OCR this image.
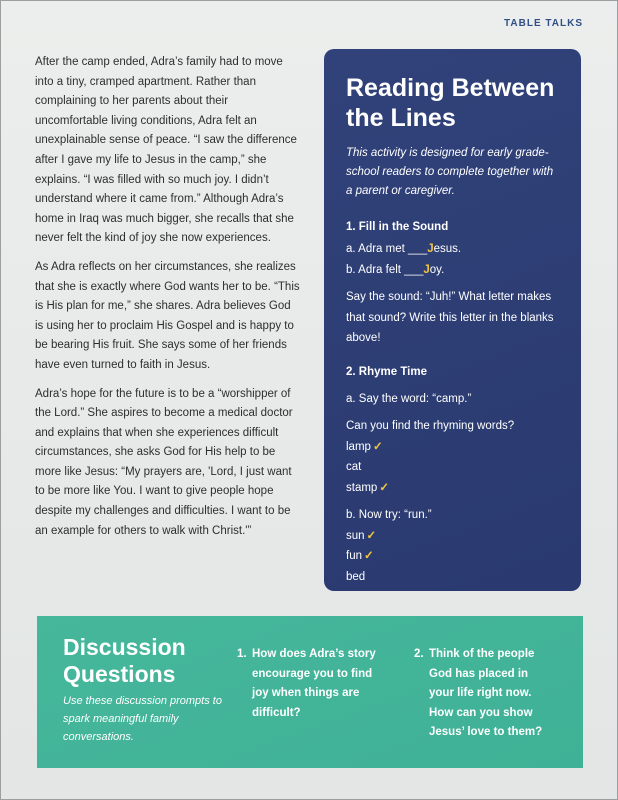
TABLE TALKS

After the camp ended, Adra’s family had to move into a tiny, cramped apartment. Rather than complaining to her parents about their uncomfortable living conditions, Adra felt an unexplainable sense of peace. “I saw the difference after I gave my life to Jesus in the camp,” she explains. “I was filled with so much joy. I didn’t understand where it came from.” Although Adra’s home in Iraq was much bigger, she recalls that she never felt the kind of joy she now experiences.

As Adra reflects on her circumstances, she realizes that she is exactly where God wants her to be. “This is His plan for me,” she shares. Adra believes God is using her to proclaim His Gospel and is happy to be bearing His fruit. She says some of her friends have even turned to faith in Jesus.

Adra’s hope for the future is to be a “worshipper of the Lord.” She aspires to become a medical doctor and explains that when she experiences difficult circumstances, she asks God for His help to be more like Jesus: “My prayers are, 'Lord, I just want to be more like You. I want to give people hope despite my challenges and difficulties. I want to be an example for others to walk with Christ.'”

Reading Between the Lines
This activity is designed for early grade-school readers to complete together with a parent or caregiver.
1. Fill in the Sound
a. Adra met ___Jesus.
b. Adra felt ___Joy.
Say the sound: “Juh!” What letter makes that sound? Write this letter in the blanks above!
2. Rhyme Time
a. Say the word: “camp.”
Can you find the rhyming words?
lamp ✓
cat
stamp ✓
b. Now try: “run.”
sun ✓
fun ✓
bed
Discussion
Questions
Use these discussion prompts to spark meaningful family conversations.
1. How does Adra’s story encourage you to find joy when things are difficult?
2. Think of the people God has placed in your life right now. How can you show Jesus’ love to them?
